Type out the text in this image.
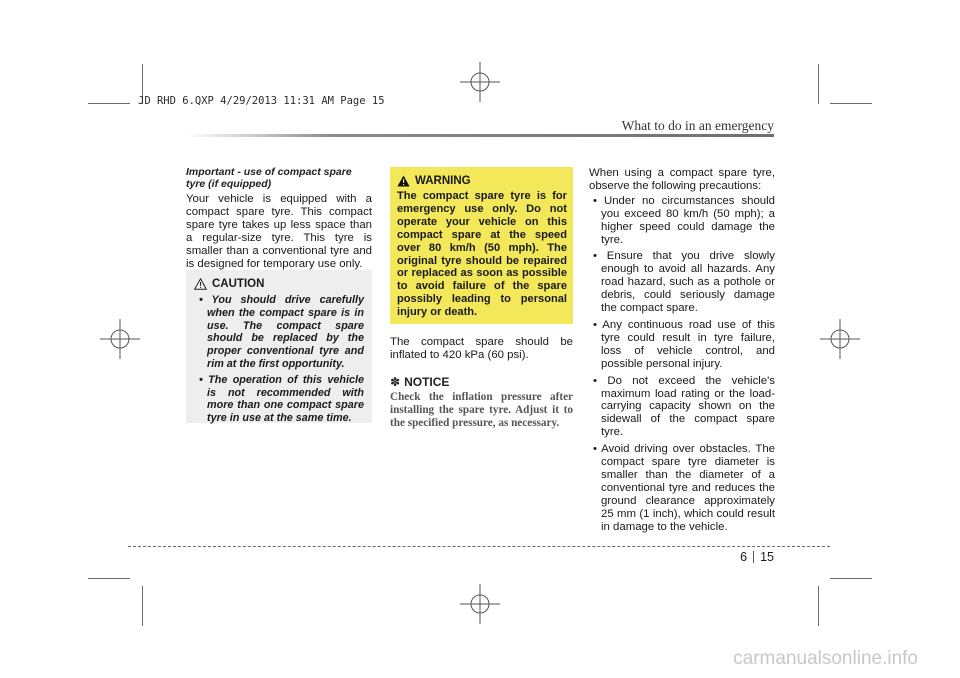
JD RHD 6.QXP 4/29/2013 11:31 AM Page 15
What to do in an emergency
Important - use of compact spare
tyre (if equipped)

Your vehicle is equipped with a compact spare tyre. This compact spare tyre takes up less space than a regular-size tyre. This tyre is smaller than a conventional tyre and is designed for temporary use only.

CAUTION
• You should drive carefully when the compact spare is in use. The compact spare should be replaced by the proper conventional tyre and rim at the first opportunity.
• The operation of this vehicle is not recommended with more than one compact spare tyre in use at the same time.
WARNING
The compact spare tyre is for emergency use only. Do not operate your vehicle on this compact spare at the speed over 80 km/h (50 mph). The original tyre should be repaired or replaced as soon as possible to avoid failure of the spare possibly leading to personal injury or death.
The compact spare should be inflated to 420 kPa (60 psi).
✽ NOTICE
Check the inflation pressure after installing the spare tyre. Adjust it to the specified pressure, as necessary.
When using a compact spare tyre, observe the following precautions:
• Under no circumstances should you exceed 80 km/h (50 mph); a higher speed could damage the tyre.
• Ensure that you drive slowly enough to avoid all hazards. Any road hazard, such as a pothole or debris, could seriously damage the compact spare.
• Any continuous road use of this tyre could result in tyre failure, loss of vehicle control, and possible personal injury.
• Do not exceed the vehicle's maximum load rating or the load-carrying capacity shown on the sidewall of the compact spare tyre.
• Avoid driving over obstacles. The compact spare tyre diameter is smaller than the diameter of a conventional tyre and reduces the ground clearance approximately 25 mm (1 inch), which could result in damage to the vehicle.
6 15
carmanualsonline.info
